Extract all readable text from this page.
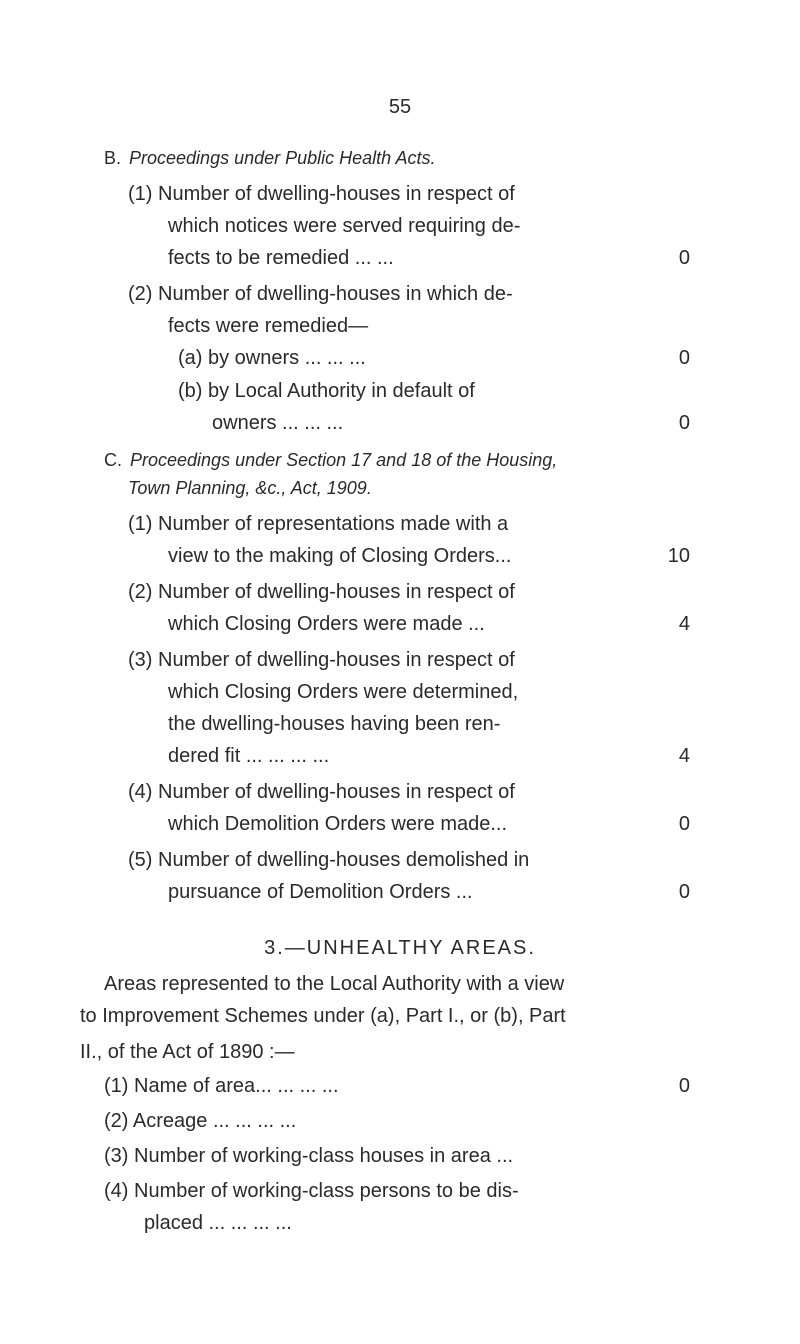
55
B. Proceedings under Public Health Acts.
(1) Number of dwelling-houses in respect of
which notices were served requiring de-
fects to be remedied ... ...	0
(2) Number of dwelling-houses in which de-
fects were remedied—
(a) by owners ... ... ...	0
(b) by Local Authority in default of
owners ... ... ...	0
C. Proceedings under Section 17 and 18 of the Housing,
Town Planning, &c., Act, 1909.
(1) Number of representations made with a
view to the making of Closing Orders...	10
(2) Number of dwelling-houses in respect of
which Closing Orders were made ...	4
(3) Number of dwelling-houses in respect of
which Closing Orders were determined,
the dwelling-houses having been ren-
dered fit ... ... ... ...	4
(4) Number of dwelling-houses in respect of
which Demolition Orders were made...	0
(5) Number of dwelling-houses demolished in
pursuance of Demolition Orders ...	0
3.—UNHEALTHY AREAS.
Areas represented to the Local Authority with a view
to Improvement Schemes under (a), Part I., or (b), Part
II., of the Act of 1890 :—
(1) Name of area... ... ... ...	0
(2) Acreage ... ... ... ...
(3) Number of working-class houses in area ...
(4) Number of working-class persons to be dis-
placed ... ... ... ...
